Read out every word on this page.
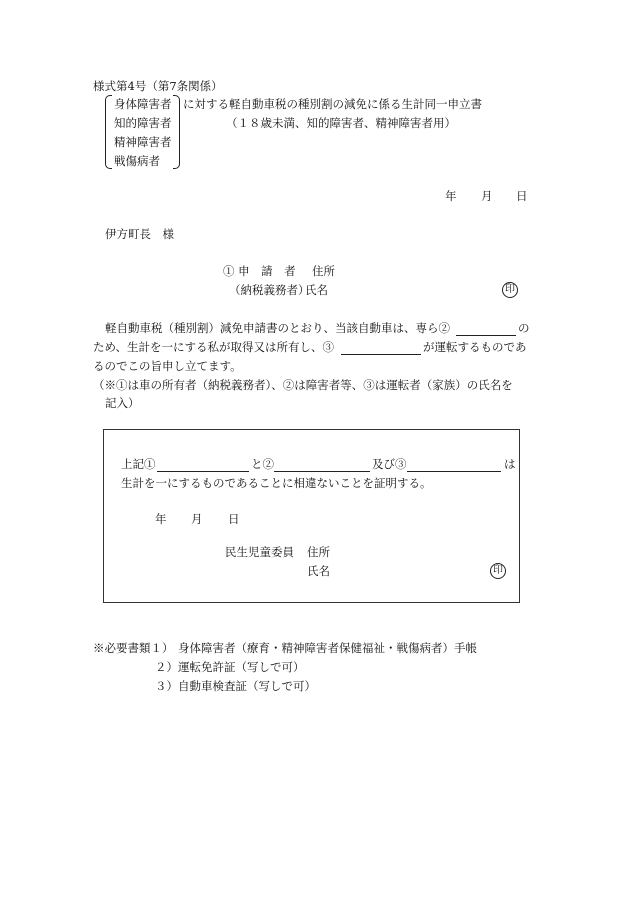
様式第4号（第7条関係）
身体障害者
知的障害者
精神障害者
戦傷病者
に対する軽自動車税の種別割の減免に係る生計同一申立書
（１８歳未満、知的障害者、精神障害者用）
年 月 日
伊方町長　様
① 申　請　者 住所
（納税義務者）
氏名	印
軽自動車税（種別割）減免申請書のとおり、当該自動車は、専ら②	の
ため、生計を一にする私が取得又は所有し、③	が運転するものであ
るのでこの旨申し立てます。
（※①は車の所有者（納税義務者）、②は障害者等、③は運転者（家族）の氏名を
記入）
上記①	と②	及び③	は
生計を一にするものであることに相違ないことを証明する。
年 月 日
民生児童委員 住所
氏名	印
※必要書類１） 身体障害者（療育・精神障害者保健福祉・戦傷病者）手帳
２）運転免許証（写しで可）
３）自動車検査証（写しで可）
